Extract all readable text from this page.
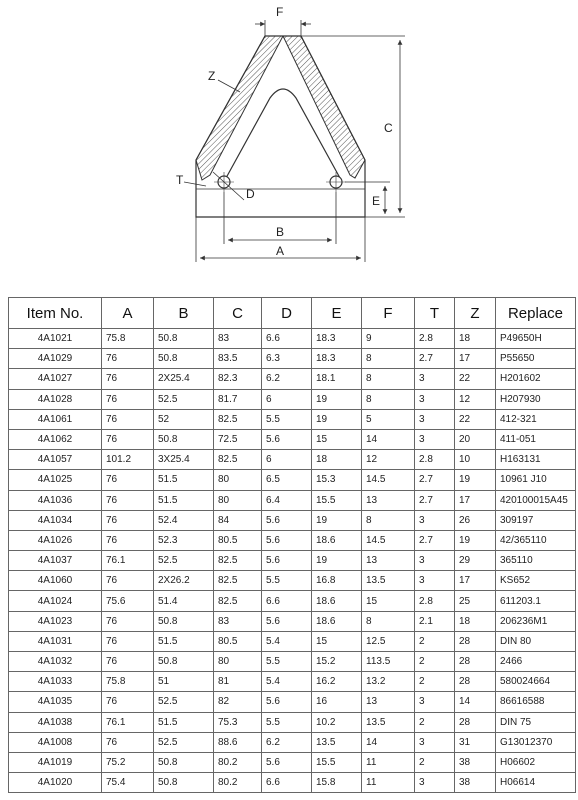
F
C
E
B
A
Z
T
D
Item No.	A	B	C	D	E	F	T	Z	Replace
4A1021	75.8	50.8	83	6.6	18.3	9	2.8	18	P49650H
4A1029	76	50.8	83.5	6.3	18.3	8	2.7	17	P55650
4A1027	76	2X25.4	82.3	6.2	18.1	8	3	22	H201602
4A1028	76	52.5	81.7	6	19	8	3	12	H207930
4A1061	76	52	82.5	5.5	19	5	3	22	412-321
4A1062	76	50.8	72.5	5.6	15	14	3	20	411-051
4A1057	101.2	3X25.4	82.5	6	18	12	2.8	10	H163131
4A1025	76	51.5	80	6.5	15.3	14.5	2.7	19	10961 J10
4A1036	76	51.5	80	6.4	15.5	13	2.7	17	420100015A45
4A1034	76	52.4	84	5.6	19	8	3	26	309197
4A1026	76	52.3	80.5	5.6	18.6	14.5	2.7	19	42/365110
4A1037	76.1	52.5	82.5	5.6	19	13	3	29	365110
4A1060	76	2X26.2	82.5	5.5	16.8	13.5	3	17	KS652
4A1024	75.6	51.4	82.5	6.6	18.6	15	2.8	25	611203.1
4A1023	76	50.8	83	5.6	18.6	8	2.1	18	206236M1
4A1031	76	51.5	80.5	5.4	15	12.5	2	28	DIN 80
4A1032	76	50.8	80	5.5	15.2	113.5	2	28	2466
4A1033	75.8	51	81	5.4	16.2	13.2	2	28	580024664
4A1035	76	52.5	82	5.6	16	13	3	14	86616588
4A1038	76.1	51.5	75.3	5.5	10.2	13.5	2	28	DIN 75
4A1008	76	52.5	88.6	6.2	13.5	14	3	31	G13012370
4A1019	75.2	50.8	80.2	5.6	15.5	11	2	38	H06602
4A1020	75.4	50.8	80.2	6.6	15.8	11	3	38	H06614
